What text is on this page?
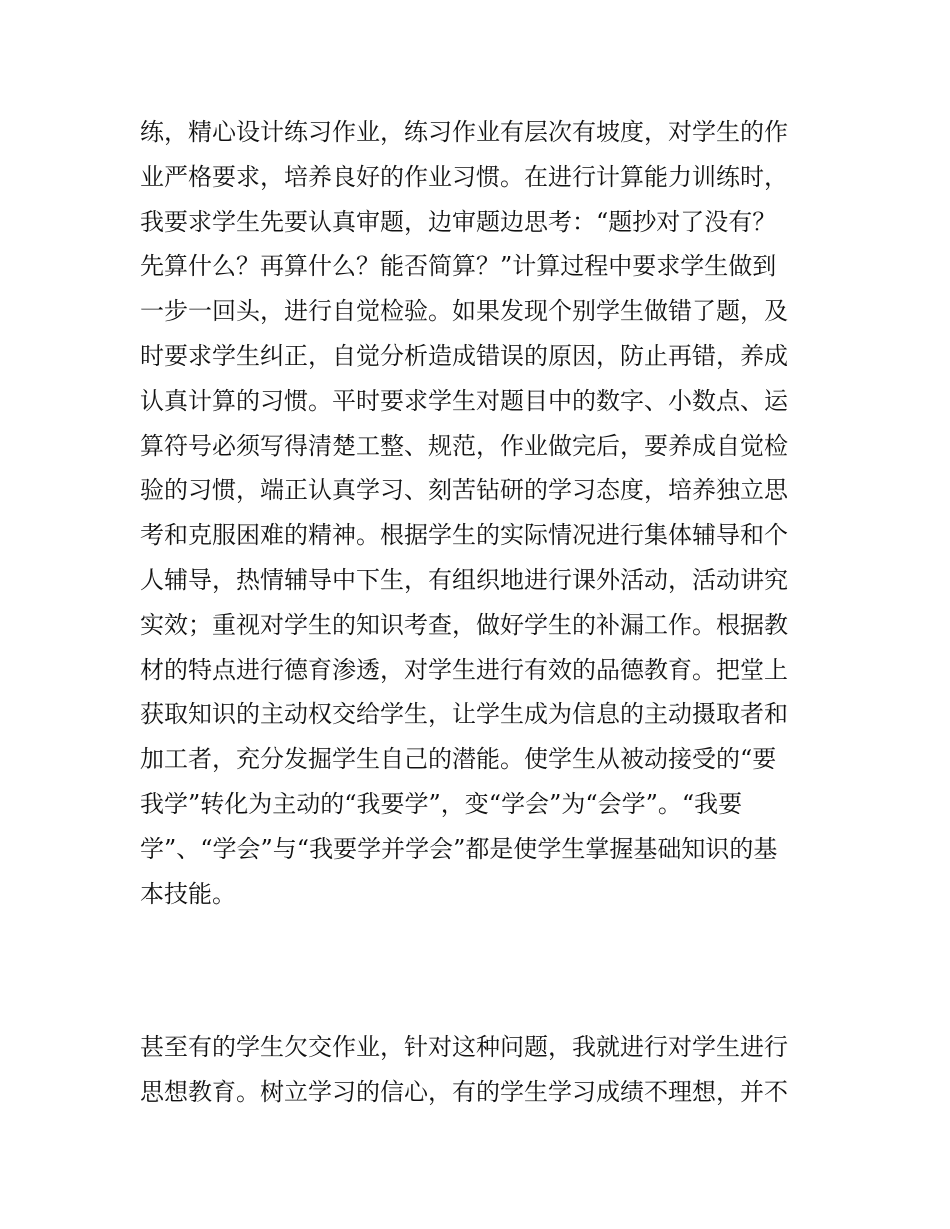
练，精心设计练习作业，练习作业有层次有坡度，对学生的作
业严格要求，培养良好的作业习惯。在进行计算能力训练时，
我要求学生先要认真审题，边审题边思考：“题抄对了没有？
先算什么？再算什么？能否简算？”计算过程中要求学生做到
一步一回头，进行自觉检验。如果发现个别学生做错了题，及
时要求学生纠正，自觉分析造成错误的原因，防止再错，养成
认真计算的习惯。平时要求学生对题目中的数字、小数点、运
算符号必须写得清楚工整、规范，作业做完后，要养成自觉检
验的习惯，端正认真学习、刻苦钻研的学习态度，培养独立思
考和克服困难的精神。根据学生的实际情况进行集体辅导和个
人辅导，热情辅导中下生，有组织地进行课外活动，活动讲究
实效；重视对学生的知识考查，做好学生的补漏工作。根据教
材的特点进行德育渗透，对学生进行有效的品德教育。把堂上
获取知识的主动权交给学生，让学生成为信息的主动摄取者和
加工者，充分发掘学生自己的潜能。使学生从被动接受的“要
我学”转化为主动的“我要学”，变“学会”为“会学”。“我要
学”、“学会”与“我要学并学会”都是使学生掌握基础知识的基
本技能。
甚至有的学生欠交作业，针对这种问题，我就进行对学生进行
思想教育。树立学习的信心，有的学生学习成绩不理想，并不
